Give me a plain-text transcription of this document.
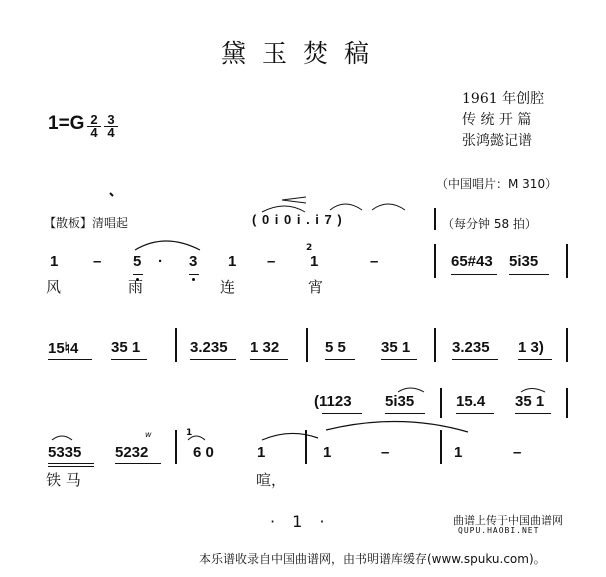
黛玉焚稿
1=G 2
4
3
4
1961 年创腔
传 统 开 篇
张鸿懿记谱
（中国唱片：M 310）
【散板】清唱起	( 0 i 0 i . i 7 )	（每分钟 58 拍）
1 – 5 · 3 1 –
2
1	–	65#43 5i35
风	雨	连	宵
15♮4 35 1	3.235 1 32	5 5 35 1	3.235 1 3)
(1123 5i35	15.4 35 1
5335 5232
w	1
6 0	1	1	–	1	–
铁 马	喧，
· 1 ·	曲谱上传于中国曲谱网
QUPU.HAOBI.NET
本乐谱收录自中国曲谱网，由书明谱库缓存(www.spuku.com)。
